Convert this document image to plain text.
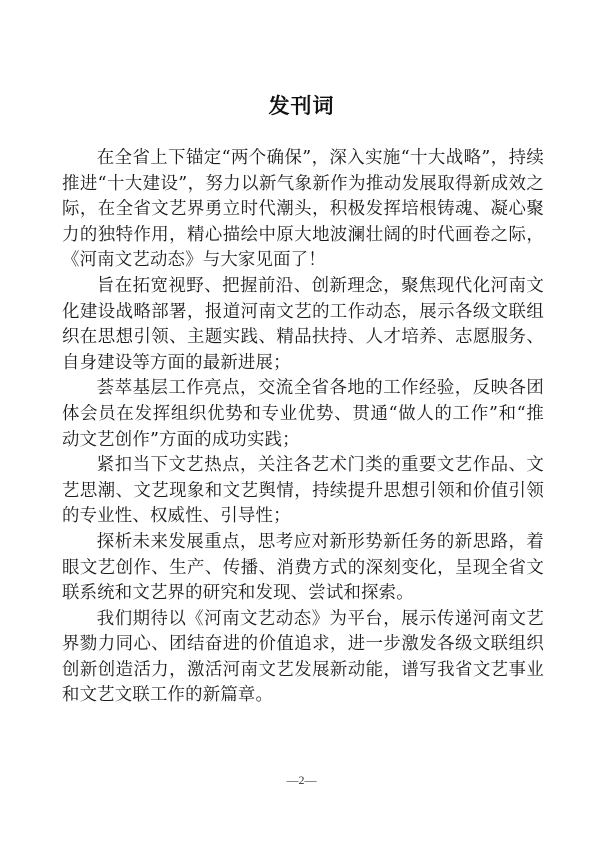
发刊词

在全省上下锚定“两个确保”，深入实施“十大战略”，持续推进“十大建设”，努力以新气象新作为推动发展取得新成效之际，在全省文艺界勇立时代潮头，积极发挥培根铸魂、凝心聚力的独特作用，精心描绘中原大地波澜壮阔的时代画卷之际，《河南文艺动态》与大家见面了！

旨在拓宽视野、把握前沿、创新理念，聚焦现代化河南文化建设战略部署，报道河南文艺的工作动态，展示各级文联组织在思想引领、主题实践、精品扶持、人才培养、志愿服务、自身建设等方面的最新进展；

荟萃基层工作亮点，交流全省各地的工作经验，反映各团体会员在发挥组织优势和专业优势、贯通“做人的工作”和“推动文艺创作”方面的成功实践；

紧扣当下文艺热点，关注各艺术门类的重要文艺作品、文艺思潮、文艺现象和文艺舆情，持续提升思想引领和价值引领的专业性、权威性、引导性；

探析未来发展重点，思考应对新形势新任务的新思路，着眼文艺创作、生产、传播、消费方式的深刻变化，呈现全省文联系统和文艺界的研究和发现、尝试和探索。

我们期待以《河南文艺动态》为平台，展示传递河南文艺界勠力同心、团结奋进的价值追求，进一步激发各级文联组织创新创造活力，激活河南文艺发展新动能，谱写我省文艺事业和文艺文联工作的新篇章。

—2—
